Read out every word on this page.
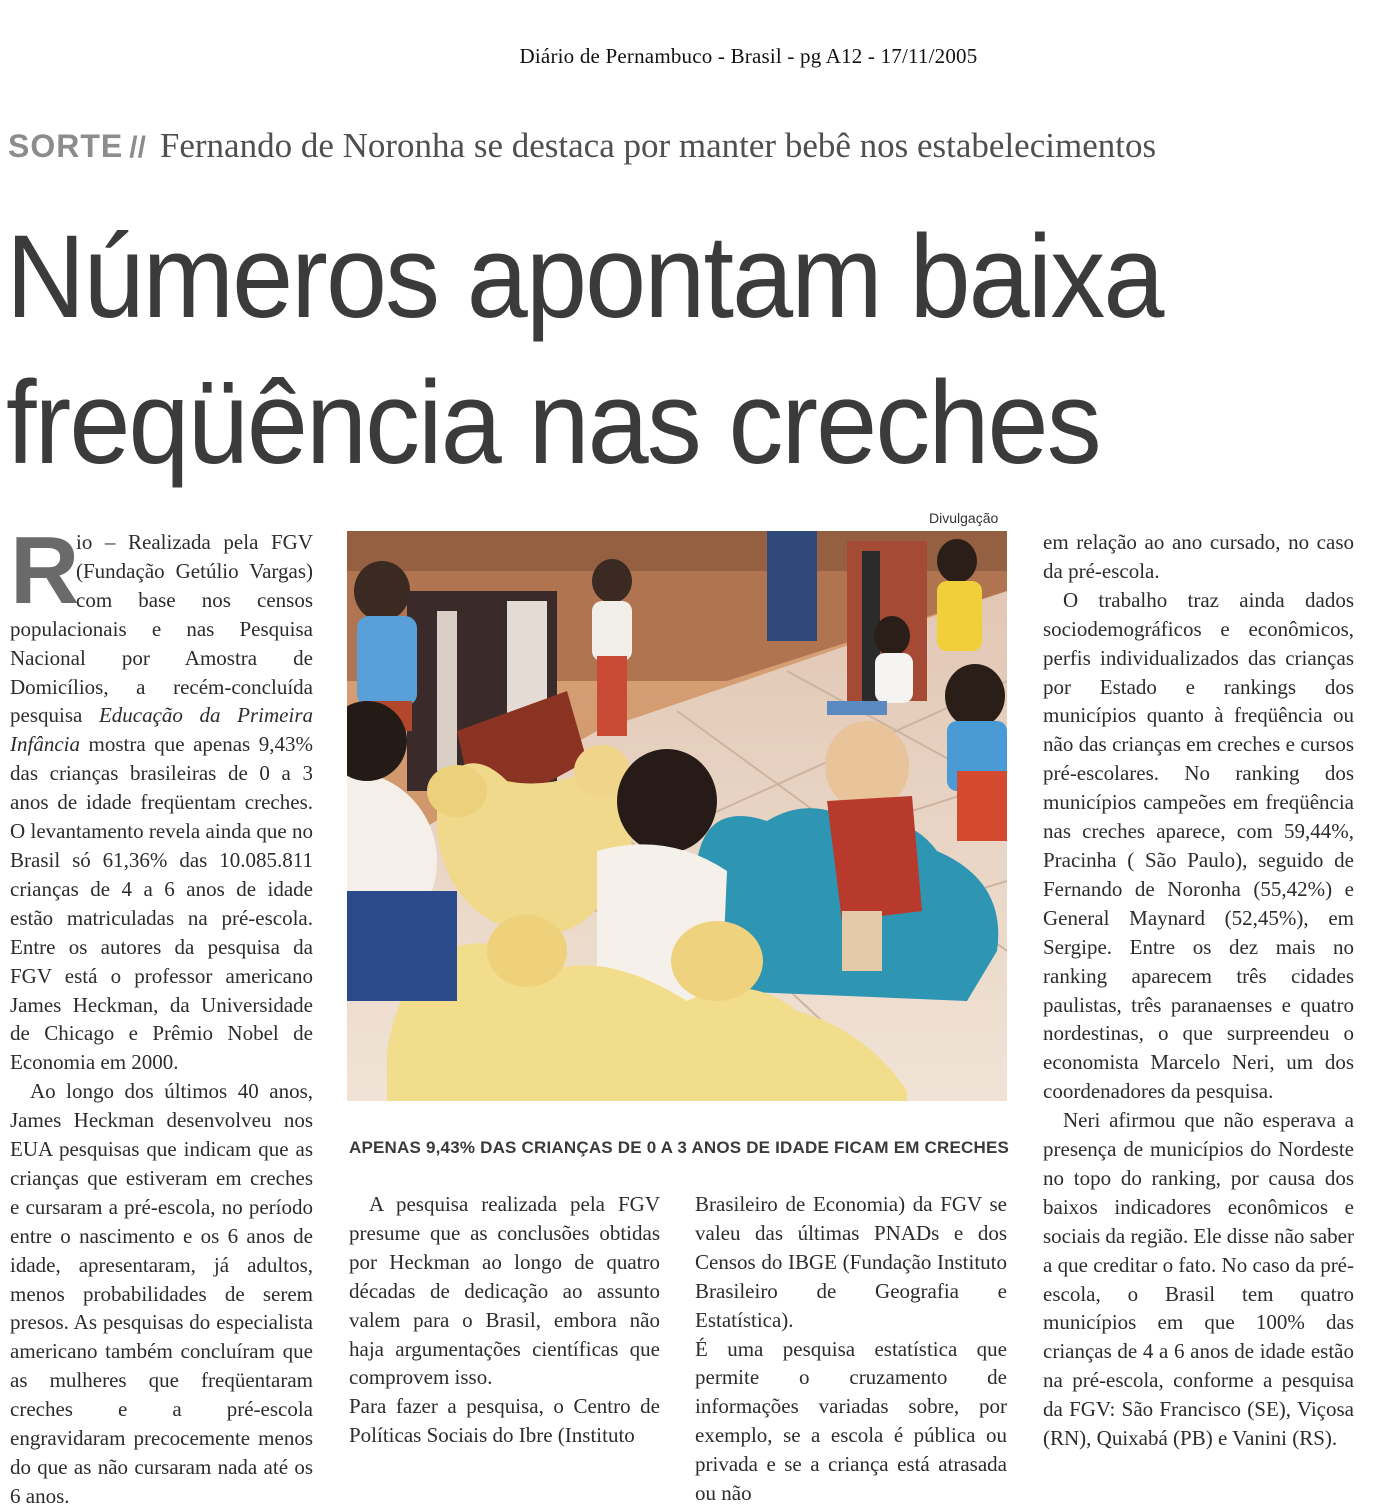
Diário de Pernambuco - Brasil - pg A12 - 17/11/2005
SORTE // Fernando de Noronha se destaca por manter bebê nos estabelecimentos
Números apontam baixa
freqüência nas creches
R

io – Realizada pela FGV (Fundação Getúlio Vargas) com base nos censos populacionais e nas Pesquisa Nacional por Amostra de Domicílios, a recém-concluída pesquisa Educação da Primeira Infância mostra que apenas 9,43% das crianças brasileiras de 0 a 3 anos de idade freqüentam creches. O levantamento revela ainda que no Brasil só 61,36% das 10.085.811 crianças de 4 a 6 anos de idade estão matriculadas na pré-escola. Entre os autores da pesquisa da FGV está o professor americano James Heckman, da Universidade de Chicago e Prêmio Nobel de Economia em 2000.

Ao longo dos últimos 40 anos, James Heckman desenvolveu nos EUA pesquisas que indicam que as crianças que estiveram em creches e cursaram a pré-escola, no período entre o nascimento e os 6 anos de idade, apresentaram, já adultos, menos probabilidades de serem presos. As pesquisas do especialista americano também concluíram que as mulheres que freqüentaram creches e a pré-escola engravidaram precocemente menos do que as não cursaram nada até os 6 anos.

Divulgação
APENAS 9,43% DAS CRIANÇAS DE 0 A 3 ANOS DE IDADE FICAM EM CRECHES

A pesquisa realizada pela FGV presume que as conclusões obtidas por Heckman ao longo de quatro décadas de dedicação ao assunto valem para o Brasil, embora não haja argumentações científicas que comprovem isso.

Para fazer a pesquisa, o Centro de Políticas Sociais do Ibre (Instituto

Brasileiro de Economia) da FGV se valeu das últimas PNADs e dos Censos do IBGE (Fundação Instituto Brasileiro de Geografia e Estatística).

É uma pesquisa estatística que permite o cruzamento de informações variadas sobre, por exemplo, se a escola é pública ou privada e se a criança está atrasada ou não

em relação ao ano cursado, no caso da pré-escola.

O trabalho traz ainda dados sociodemográficos e econômicos, perfis individualizados das crianças por Estado e rankings dos municípios quanto à freqüência ou não das crianças em creches e cursos pré-escolares. No ranking dos municípios campeões em freqüência nas creches aparece, com 59,44%, Pracinha ( São Paulo), seguido de Fernando de Noronha (55,42%) e General Maynard (52,45%), em Sergipe. Entre os dez mais no ranking aparecem três cidades paulistas, três paranaenses e quatro nordestinas, o que surpreendeu o economista Marcelo Neri, um dos coordenadores da pesquisa.

Neri afirmou que não esperava a presença de municípios do Nordeste no topo do ranking, por causa dos baixos indicadores econômicos e sociais da região. Ele disse não saber a que creditar o fato. No caso da pré-escola, o Brasil tem quatro municípios em que 100% das crianças de 4 a 6 anos de idade estão na pré-escola, conforme a pesquisa da FGV: São Francisco (SE), Viçosa (RN), Quixabá (PB) e Vanini (RS).
